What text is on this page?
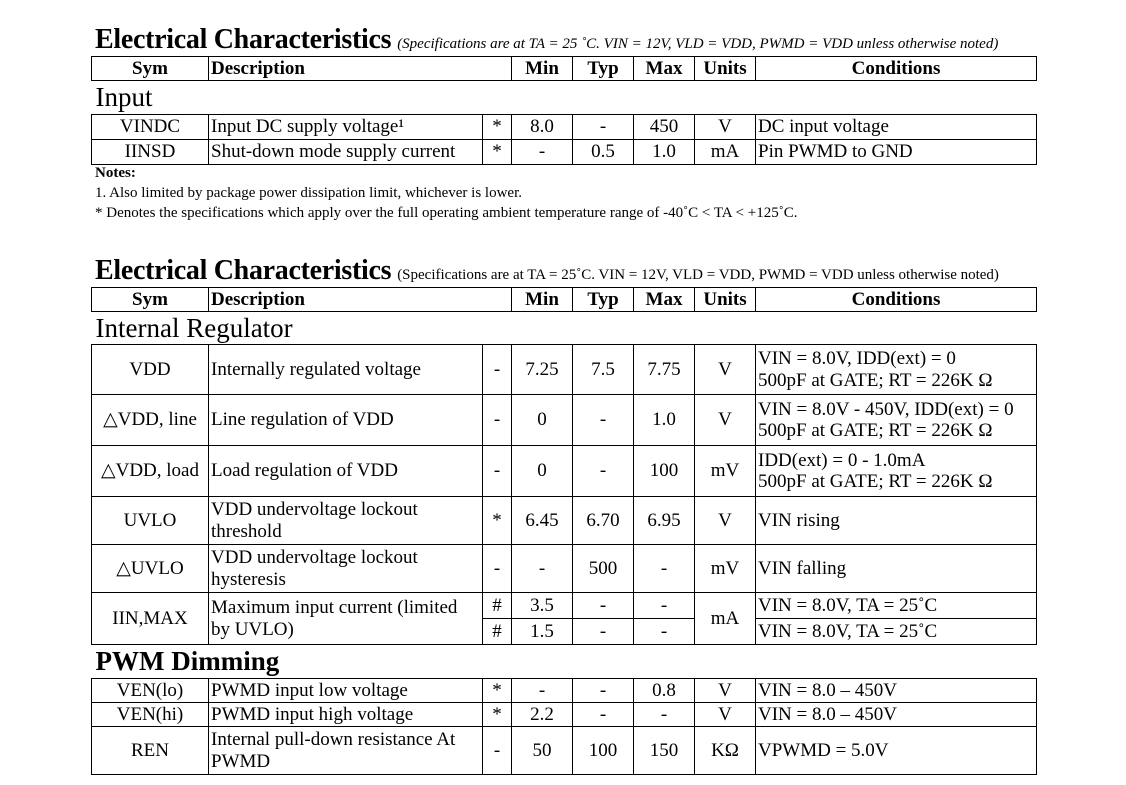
Electrical Characteristics (Specifications are at TA = 25 ˚C. VIN = 12V, VLD = VDD, PWMD = VDD unless otherwise noted)
Sym	Description		Min	Typ	Max	Units	Conditions
Input							
VINDC	Input DC supply voltage¹	*	8.0	-	450	V	DC input voltage
IINSD	Shut-down mode supply current	*	-	0.5	1.0	mA	Pin PWMD to GND
Notes:
1. Also limited by package power dissipation limit, whichever is lower.
* Denotes the specifications which apply over the full operating ambient temperature range of -40˚C < TA < +125˚C.
Electrical Characteristics (Specifications are at TA = 25˚C. VIN = 12V, VLD = VDD, PWMD = VDD unless otherwise noted)
Sym	Description		Min	Typ	Max	Units	Conditions
Internal Regulator							
VDD	Internally regulated voltage	-	7.25	7.5	7.75	V	VIN = 8.0V, IDD(ext) = 0
500pF at GATE; RT = 226K Ω

△VDD, line	Line regulation of VDD	-	0	-	1.0	V	VIN = 8.0V - 450V, IDD(ext) = 0
500pF at GATE; RT = 226K Ω

△VDD, load	Load regulation of VDD	-	0	-	100	mV	IDD(ext) = 0 - 1.0mA
500pF at GATE; RT = 226K Ω

UVLO	VDD undervoltage lockout threshold	*	6.45	6.70	6.95	V	VIN rising
△UVLO	VDD undervoltage lockout hysteresis	-	-	500	-	mV	VIN falling
IIN,MAX	Maximum input current (limited by UVLO)	#	3.5	-	-	mA	VIN = 8.0V, TA = 25˚C
		#	1.5	-	-		VIN = 8.0V, TA = 25˚C
PWM Dimming							
VEN(lo)	PWMD input low voltage	*	-	-	0.8	V	VIN = 8.0 – 450V
VEN(hi)	PWMD input high voltage	*	2.2	-	-	V	VIN = 8.0 – 450V
REN	Internal pull-down resistance At PWMD	-	50	100	150	KΩ	VPWMD = 5.0V
